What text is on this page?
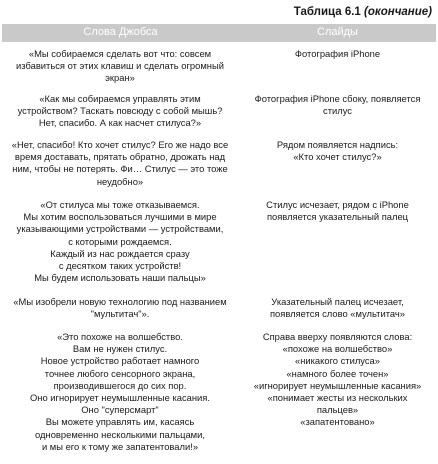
Таблица 6.1 (окончание)
Слова Джобса	Слайды
«Мы собираемся сделать вот что: совсем
избавиться от этих клавиш и сделать огромный
экран»
Фотография iPhone
«Как мы собираемся управлять этим
устройством? Таскать повсюду с собой мышь?
Нет, спасибо. А как насчет стилуса?»
Фотография iPhone сбоку, появляется
стилус
«Нет, спасибо! Кто хочет стилус? Его же надо все
время доставать, прятать обратно, дрожать над
ним, чтобы не потерять. Фи… Стилус — это тоже
неудобно»
Рядом появляется надпись:
«Кто хочет стилус?»
«От стилуса мы тоже отказываемся.
Мы хотим воспользоваться лучшими в мире
указывающими устройствами — устройствами,
с которыми рождаемся.
Каждый из нас рождается сразу
с десятком таких устройств!
Мы будем использовать наши пальцы»
Стилус исчезает, рядом с iPhone
появляется указательный палец
«Мы изобрели новую технологию под названием
"мультитач"».
Указательный палец исчезает,
появляется слово «мультитач»
«Это похоже на волшебство.
Вам не нужен стилус.
Новое устройство работает намного
точнее любого сенсорного экрана,
производившегося до сих пор.
Оно игнорирует неумышленные касания.
Оно "суперсмарт"
Вы можете управлять им, касаясь
одновременно несколькими пальцами,
и мы его к тому же запатентовали!»
Справа вверху появляются слова:
«похоже на волшебство»
«никакого стилуса»
«намного более точен»
«игнорирует неумышленные касания»
«понимает жесты из нескольких
пальцев»
«запатентовано»
